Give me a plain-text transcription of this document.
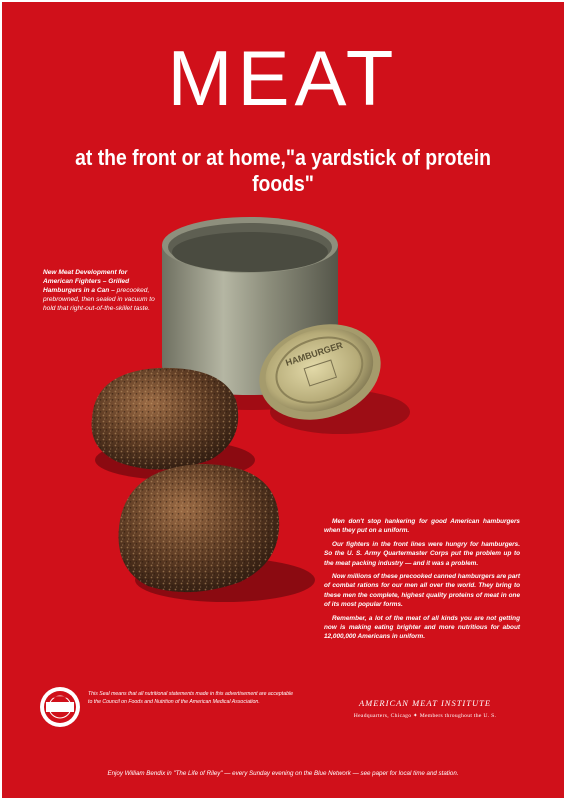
MEAT
at the front or at home,"a yardstick of protein foods"
New Meat Development for American Fighters – Grilled Hamburgers in a Can – precooked, prebrowned, then sealed in vacuum to hold that right-out-of-the-skillet taste.
HAMBURGER

Men don't stop hankering for good American hamburgers when they put on a uniform.

Our fighters in the front lines were hungry for hamburgers. So the U. S. Army Quartermaster Corps put the problem up to the meat packing industry — and it was a problem.

Now millions of these precooked canned hamburgers are part of combat rations for our men all over the world. They bring to these men the complete, highest quality proteins of meat in one of its most popular forms.

Remember, a lot of the meat of all kinds you are not getting now is making eating brighter and more nutritious for about 12,000,000 Americans in uniform.

AMERICAN MEAT INSTITUTE
Headquarters, Chicago ✦ Members throughout the U. S.
This Seal means that all nutritional statements made in this advertisement are acceptable to the Council on Foods and Nutrition of the American Medical Association.
Enjoy William Bendix in "The Life of Riley" — every Sunday evening on the Blue Network — see paper for local time and station.
